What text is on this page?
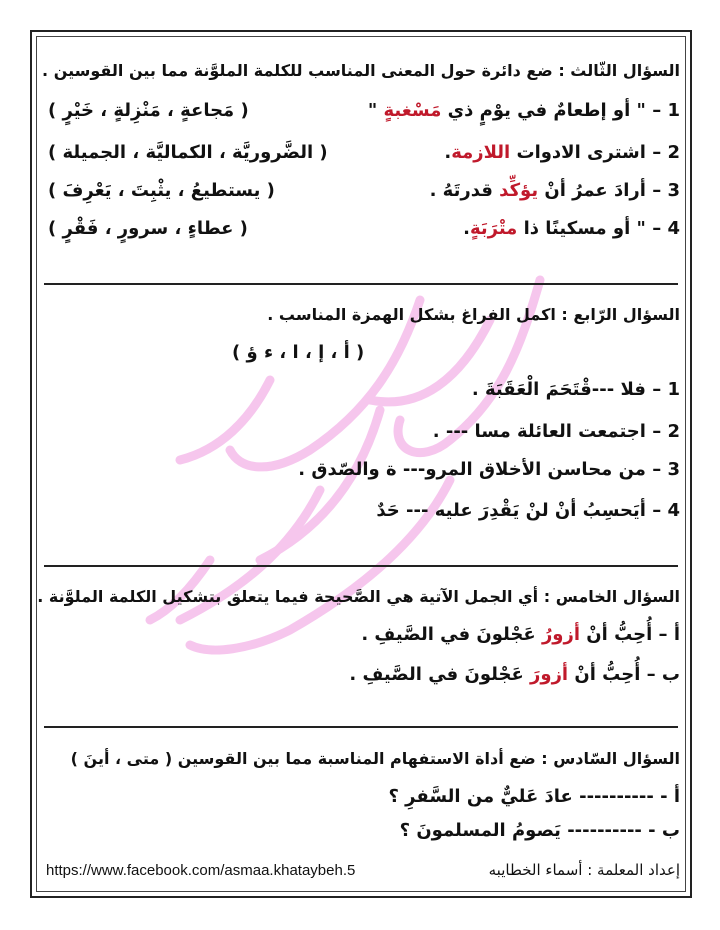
السؤال الثّالث : ضع دائرة حول المعنى المناسب للكلمة الملوَّنة مما بين القوسين .
1 – " أو إطعامٌ في يوْمٍ ذي مَسْغبةٍ "
( مَجاعةٍ ، مَنْزِلةٍ ، خَيْرٍ )
2 – اشترى الادوات اللازمة.
( الضَّروريَّة ، الكماليَّة ، الجميلة )
3 – أرادَ عمرُ أنْ يؤكِّد قدرتَهُ .
( يستطيعُ ، يثْبِتَ ، يَعْرِفَ )
4 – " أو مسكينًا ذا متْرَبَةٍ.
( عطاءٍ ، سرورٍ ، فَقْرٍ )
السؤال الرّابع : اكمل الفراغ بشكل الهمزة المناسب .
( أ ، إ ، ا ، ء ؤ )
1 – فلا ---قْتَحَمَ الْعَقَبَةَ .
2 – اجتمعت العائلة مسا --- .
3 – من محاسن الأخلاق المرو--- ة والصّدق .
4 – أيَحسِبُ أنْ لنْ يَقْدِرَ عليه --- حَدٌ
السؤال الخامس : أي الجمل الآتية هي الصَّحيحة فيما يتعلق بتشكيل الكلمة الملوَّنة .
أ – أُحِبُّ أنْ أزورُ عَجْلونَ في الصَّيفِ .
ب – أُحِبُّ أنْ أزورَ عَجْلونَ في الصَّيفِ .
السؤال السّادس : ضع أداة الاستفهام المناسبة مما بين القوسين ( متى ، أينَ )
أ - ---------- عادَ عَليٌّ من السَّفرِ ؟
ب - ---------- يَصومُ المسلمونَ ؟
إعداد المعلمة : أسماء الخطايبه
https://www.facebook.com/asmaa.khataybeh.5
